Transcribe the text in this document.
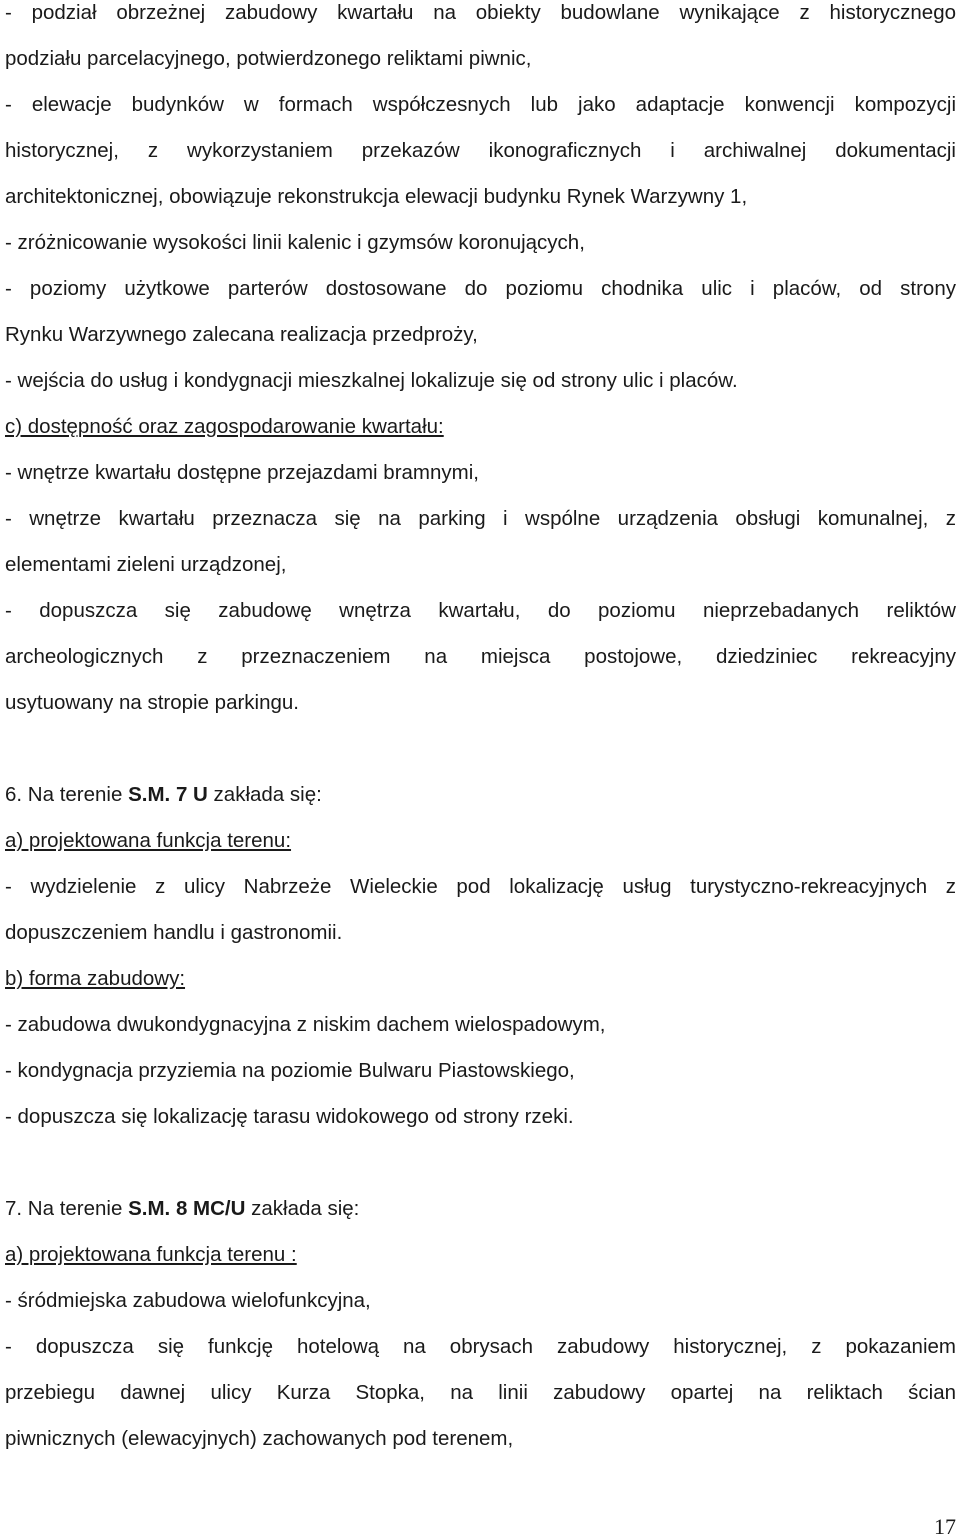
- podział obrzeżnej zabudowy kwartału na obiekty budowlane wynikające z historycznego
podziału parcelacyjnego, potwierdzonego reliktami piwnic,
- elewacje budynków w formach współczesnych lub jako adaptacje konwencji kompozycji
historycznej, z wykorzystaniem przekazów ikonograficznych i archiwalnej dokumentacji
architektonicznej, obowiązuje rekonstrukcja elewacji budynku Rynek Warzywny 1,
- zróżnicowanie wysokości linii kalenic i gzymsów koronujących,
- poziomy użytkowe parterów dostosowane do poziomu chodnika ulic i placów, od strony
Rynku Warzywnego zalecana realizacja przedproży,
- wejścia do usług i kondygnacji mieszkalnej lokalizuje się od strony ulic i placów.
c) dostępność oraz zagospodarowanie kwartału:
- wnętrze kwartału dostępne przejazdami bramnymi,
- wnętrze kwartału przeznacza się na parking i wspólne urządzenia obsługi komunalnej, z
elementami zieleni urządzonej,
- dopuszcza się zabudowę wnętrza kwartału, do poziomu nieprzebadanych reliktów
archeologicznych z przeznaczeniem na miejsca postojowe, dziedziniec rekreacyjny
usytuowany na stropie parkingu.
6. Na terenie S.M. 7 U zakłada się:
a) projektowana funkcja terenu:
- wydzielenie z ulicy Nabrzeże Wieleckie pod lokalizację usług turystyczno-rekreacyjnych z
dopuszczeniem handlu i gastronomii.
b) forma zabudowy:
- zabudowa dwukondygnacyjna z niskim dachem wielospadowym,
- kondygnacja przyziemia na poziomie Bulwaru Piastowskiego,
- dopuszcza się lokalizację tarasu widokowego od strony rzeki.
7. Na terenie S.M. 8 MC/U zakłada się:
a) projektowana funkcja terenu :
- śródmiejska zabudowa wielofunkcyjna,
- dopuszcza się funkcję hotelową na obrysach zabudowy historycznej, z pokazaniem
przebiegu dawnej ulicy Kurza Stopka, na linii zabudowy opartej na reliktach ścian
piwnicznych (elewacyjnych) zachowanych pod terenem,
17
